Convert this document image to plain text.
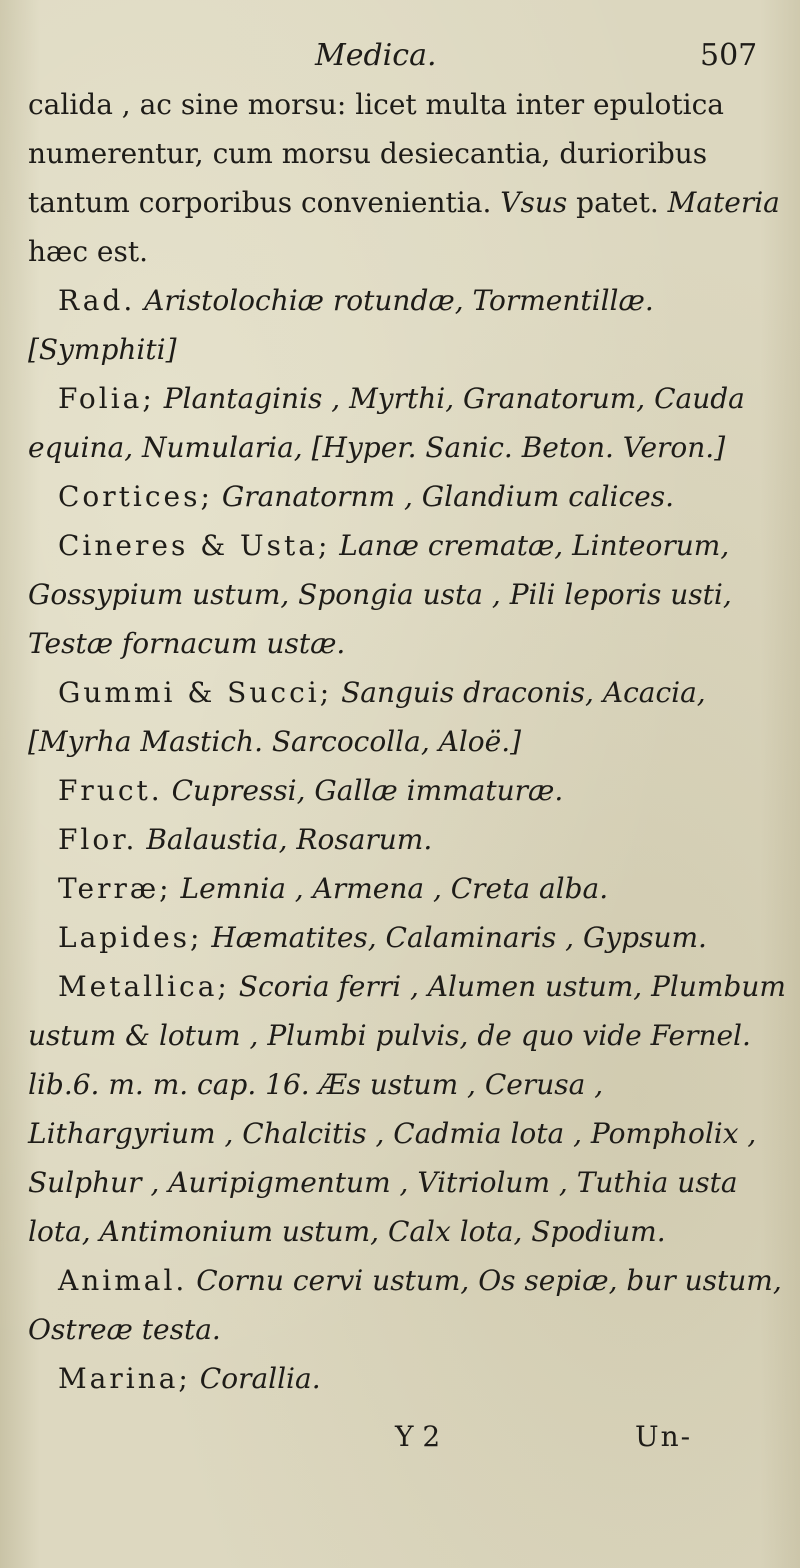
Medica.	507

calida , ac sine morsu: licet multa inter epulotica numerentur, cum morsu desiecantia, durioribus tantum corporibus convenientia. Vsus patet. Materia hæc est.

Rad. Aristolochiæ rotundæ, Tormentillæ. [Symphiti]

Folia; Plantaginis , Myrthi, Granatorum, Cauda equina, Numularia, [Hyper. Sanic. Beton. Veron.]

Cortices; Granatornm , Glandium calices.

Cineres & Usta; Lanæ crematæ, Linteorum, Gossypium ustum, Spongia usta , Pili leporis usti, Testæ fornacum ustæ.

Gummi & Succi; Sanguis draconis, Acacia, [Myrha Mastich. Sarcocolla, Aloë.]

Fruct. Cupressi, Gallæ immaturæ.

Flor. Balaustia, Rosarum.

Terræ; Lemnia , Armena , Creta alba.

Lapides; Hæmatites, Calaminaris , Gypsum.

Metallica; Scoria ferri , Alumen ustum, Plumbum ustum & lotum , Plumbi pulvis, de quo vide Fernel. lib.6. m. m. cap. 16. Æs ustum , Cerusa , Lithargyrium , Chalcitis , Cadmia lota , Pompholix , Sulphur , Auripigmentum , Vitriolum , Tuthia usta lota, Antimonium ustum, Calx lota, Spodium.

Animal. Cornu cervi ustum, Os sepiæ, bur ustum, Ostreæ testa.

Marina; Corallia.

Y 2	Un-
